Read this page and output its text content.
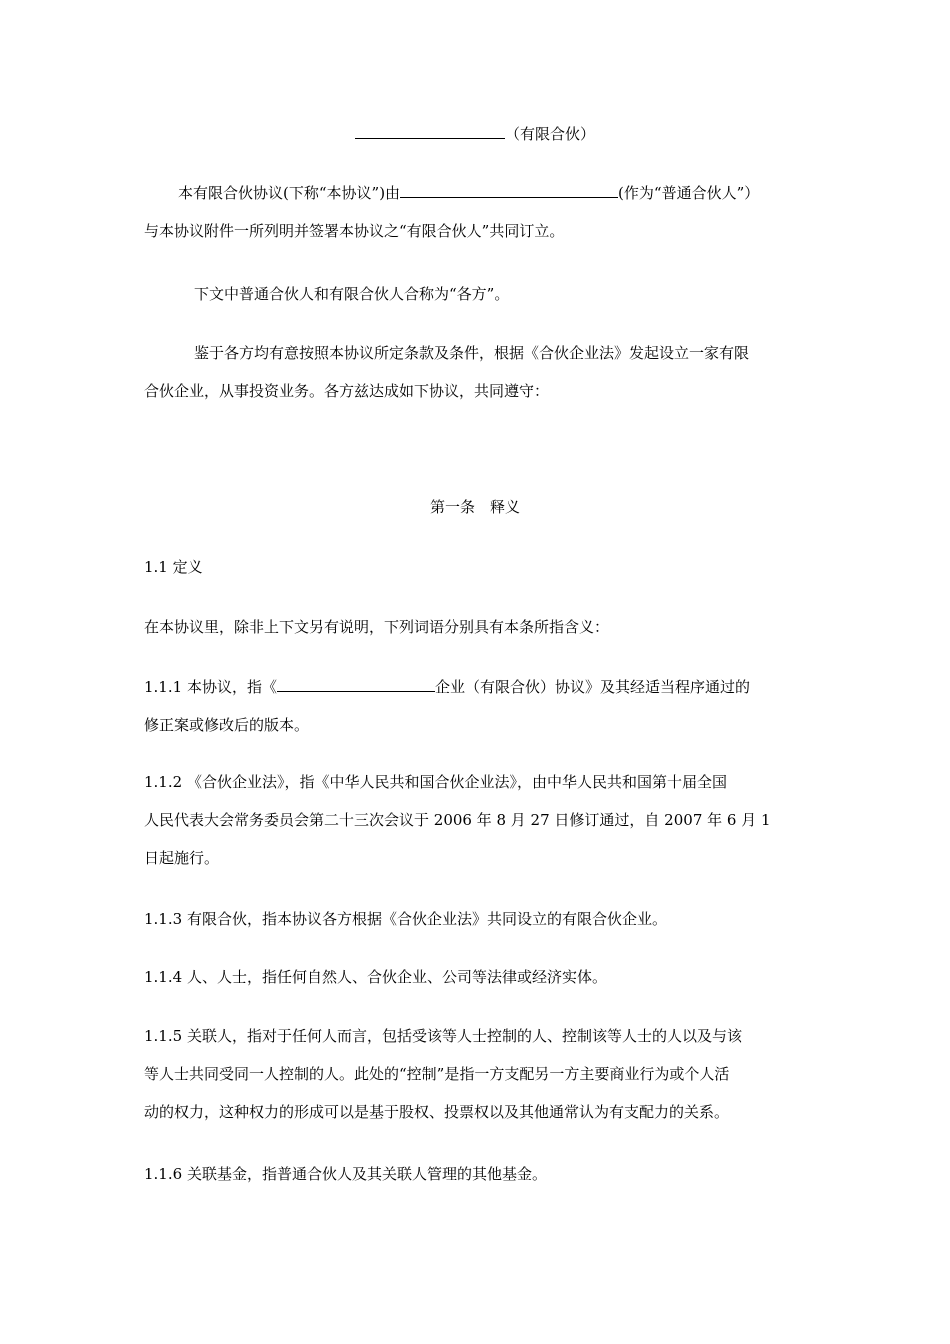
（有限合伙）
本有限合伙协议(下称“本协议”)由	(作为“普通合伙人”）
与本协议附件一所列明并签署本协议之“有限合伙人”共同订立。
下文中普通合伙人和有限合伙人合称为“各方”。
鉴于各方均有意按照本协议所定条款及条件，根据《合伙企业法》发起设立一家有限
合伙企业，从事投资业务。各方兹达成如下协议，共同遵守：
第一条　释义
1.1 定义
在本协议里，除非上下文另有说明，下列词语分别具有本条所指含义：
1.1.1 本协议，指《	企业（有限合伙）协议》及其经适当程序通过的
修正案或修改后的版本。
1.1.2 《合伙企业法》，指《中华人民共和国合伙企业法》，由中华人民共和国第十届全国
人民代表大会常务委员会第二十三次会议于 2006 年 8 月 27 日修订通过，自 2007 年 6 月 1
日起施行。
1.1.3 有限合伙，指本协议各方根据《合伙企业法》共同设立的有限合伙企业。
1.1.4 人、人士，指任何自然人、合伙企业、公司等法律或经济实体。
1.1.5 关联人，指对于任何人而言，包括受该等人士控制的人、控制该等人士的人以及与该
等人士共同受同一人控制的人。此处的“控制”是指一方支配另一方主要商业行为或个人活
动的权力，这种权力的形成可以是基于股权、投票权以及其他通常认为有支配力的关系。
1.1.6 关联基金，指普通合伙人及其关联人管理的其他基金。
